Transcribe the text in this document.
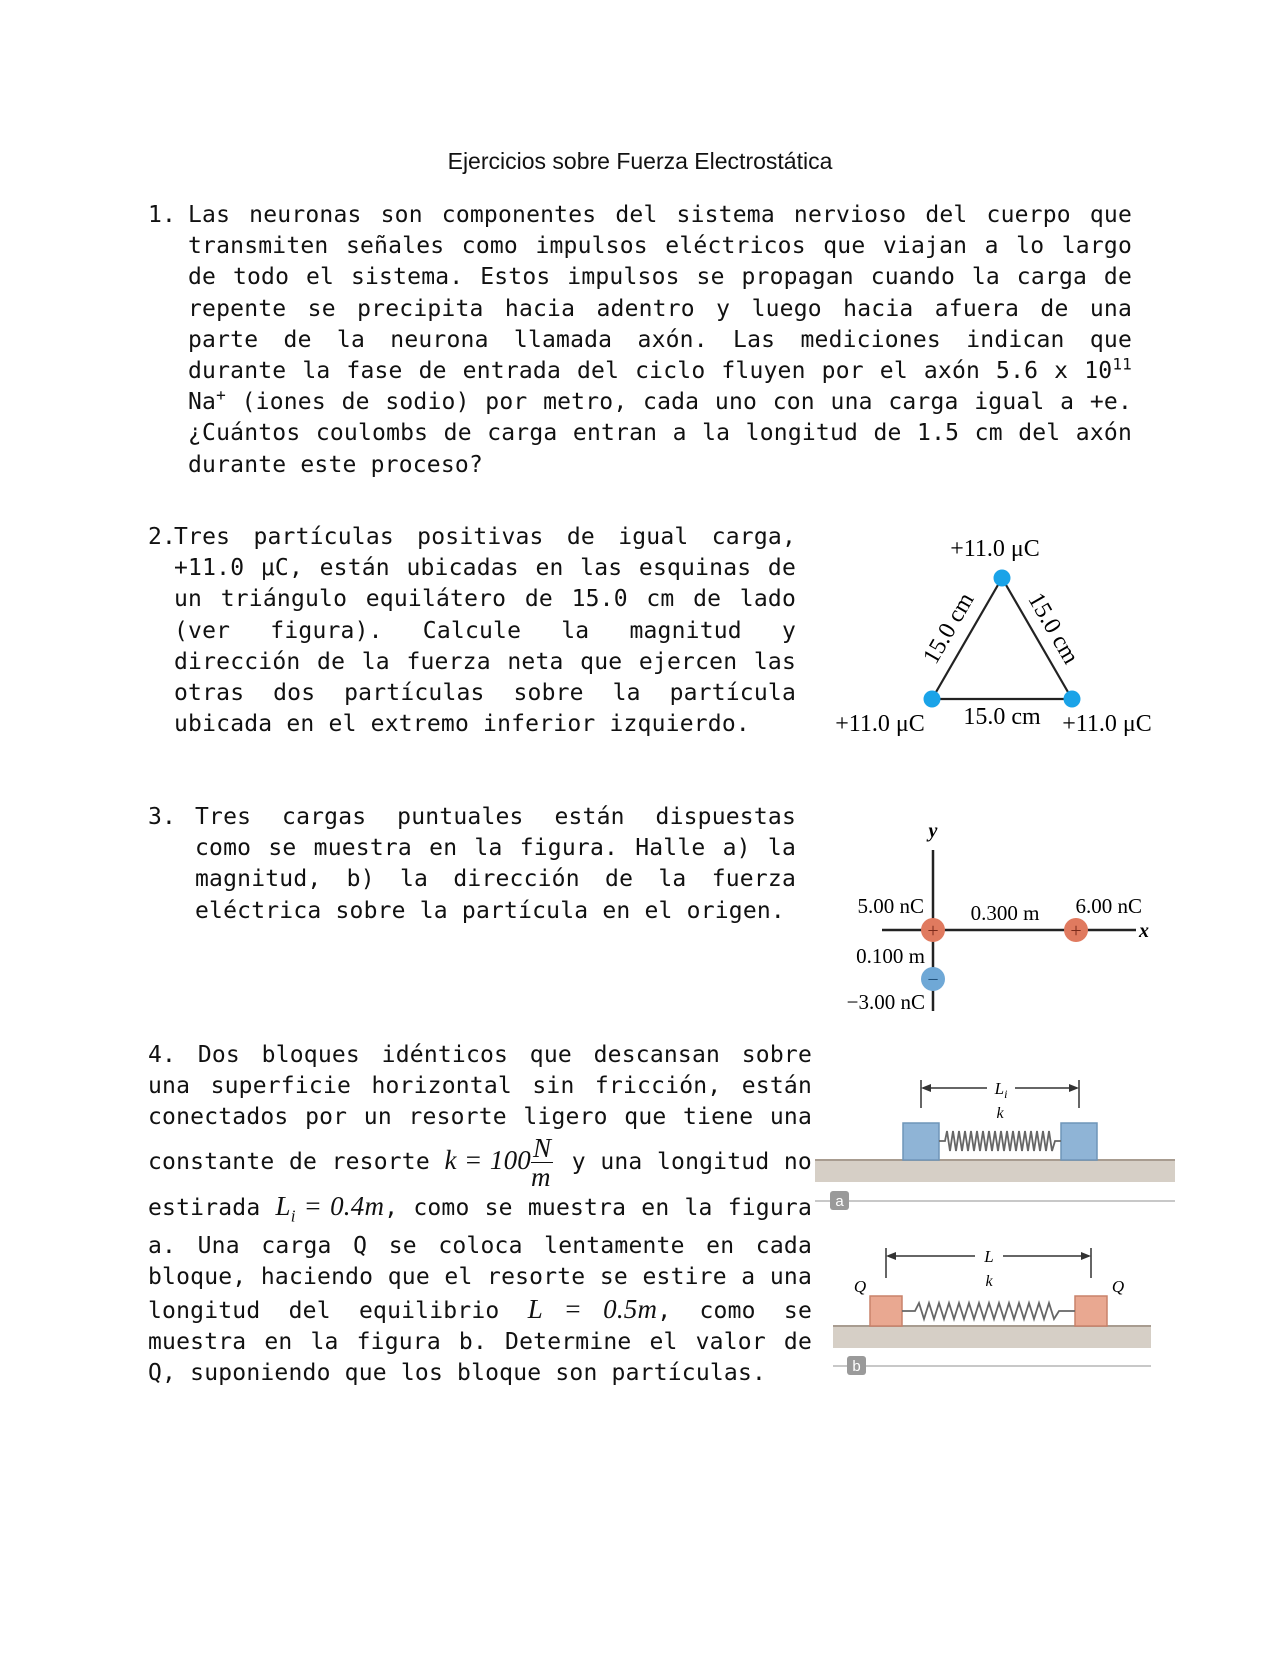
Ejercicios sobre Fuerza Electrostática
1. Las neuronas son componentes del sistema nervioso del cuerpo que transmiten señales como impulsos eléctricos que viajan a lo largo de todo el sistema. Estos impulsos se propagan cuando la carga de repente se precipita hacia adentro y luego hacia afuera de una parte de la neurona llamada axón. Las mediciones indican que durante la fase de entrada del ciclo fluyen por el axón 5.6 x $10^{11}$ Na+ (iones de sodio) por metro, cada uno con una carga igual a +e. ¿Cuántos coulombs de carga entran a la longitud de 1.5 cm del axón durante este proceso?
2.
Tres partículas positivas de igual carga, +11.0 μC, están ubicadas en las esquinas de un triángulo equilátero de 15.0 cm de lado (ver figura). Calcule la magnitud y dirección de la fuerza neta que ejercen las otras dos partículas sobre la partícula ubicada en el extremo inferior izquierdo.
+11.0 μC
+11.0 μC	+11.0 μC
15.0 cm 15.0 cm
15.0 cm
3. Tres cargas puntuales están dispuestas como se muestra en la figura. Halle a) la magnitud, b) la dirección de la fuerza eléctrica sobre la partícula en el origen.
y
x
+	+
−
5.00 nC	6.00 nC
0.100 m
−3.00 nC
0.300 m
4. Dos bloques idénticos que descansan sobre una superficie horizontal sin fricción, están conectados por un resorte ligero que tiene una constante de resorte $k = 100 \frac{N}{m}$ y una longitud no estirada $L_i = 0.4m$, como se muestra en la figura a. Una carga Q se coloca lentamente en cada bloque, haciendo que el resorte se estire a una longitud del equilibrio L = 0.5m, como se muestra en la figura b. Determine el valor de Q, suponiendo que los bloque son partículas.
a
$L_i$
k
b
L
k
Q	Q
